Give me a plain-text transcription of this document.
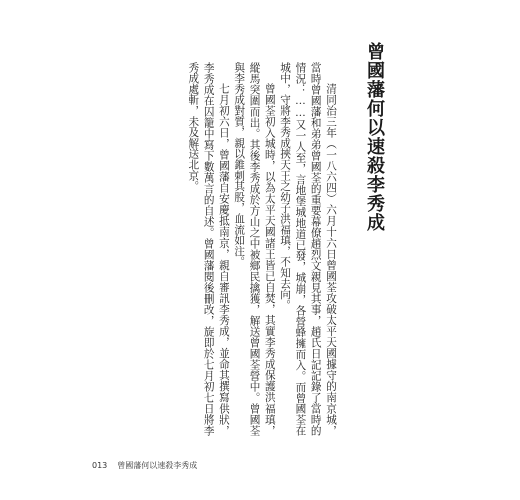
曾國藩何以速殺李秀成

清同治三年（一八六四）六月十六日曾國荃攻破太平天國據守的南京城，當時曾國藩和弟弟曾國荃的重要幕僚趙烈文親見其事，趙氏日記記錄了當時的情況：……又一人至，言地堡城地道已發，城崩，各營蜂擁而入。而曾國荃在城中，守將李秀成挾天王之幼子洪福瑱，不知去向。

曾國荃初入城時，以為太平天國諸王皆已自焚，其實李秀成保護洪福瑱，縱馬突圍而出。其後李秀成於方山之中被鄉民擒獲，解送曾國荃營中。曾國荃與李秀成對質，親以錐刺其股，血流如注。

七月初六日，曾國藩自安慶抵南京，親自審訊李秀成，並命其撰寫供狀，李秀成在囚籠中寫下數萬言的自述。曾國藩閱後刪改，旋即於七月初七日將李秀成處斬，未及解送北京。

013 曾國藩何以速殺李秀成
